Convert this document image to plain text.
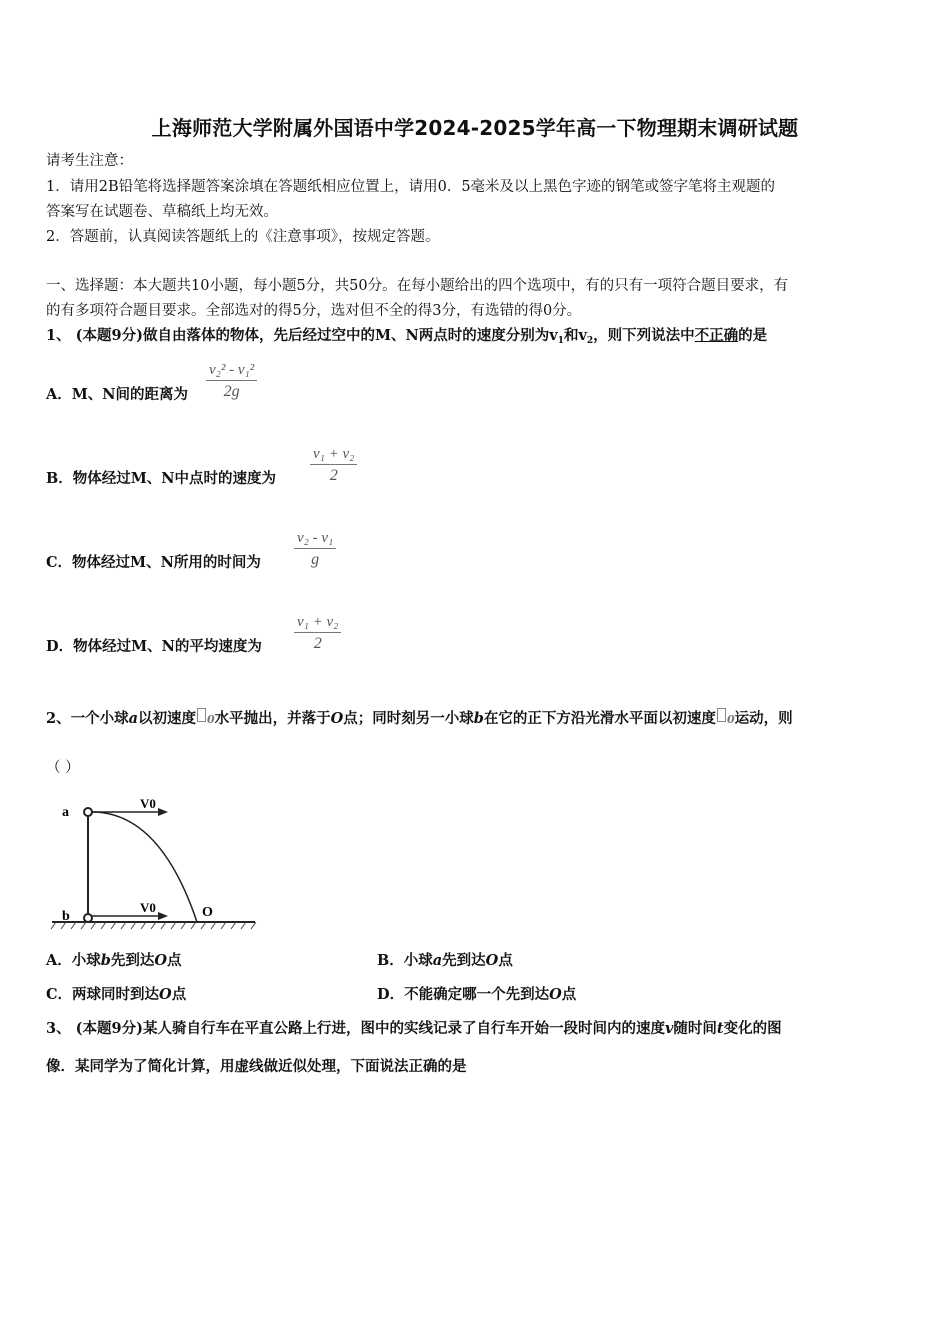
上海师范大学附属外国语中学2024-2025学年高一下物理期末调研试题
请考生注意：
1．请用2B铅笔将选择题答案涂填在答题纸相应位置上，请用0．5毫米及以上黑色字迹的钢笔或签字笔将主观题的
答案写在试题卷、草稿纸上均无效。
2．答题前，认真阅读答题纸上的《注意事项》，按规定答题。
一、选择题：本大题共10小题，每小题5分，共50分。在每小题给出的四个选项中，有的只有一项符合题目要求，有
的有多项符合题目要求。全部选对的得5分，选对但不全的得3分，有选错的得0分。
1、 (本题9分)做自由落体的物体，先后经过空中的M、N两点时的速度分别为$v_1$和$v_2$，则下列说法中不正确的是
A．M、N间的距离为 $\frac{\text{v₂² - v₁²}}{2g}$
B．物体经过M、N中点时的速度为 $\frac{\text{v₁ + v₂}}{2}$
C．物体经过M、N所用的时间为 $\frac{\text{v₂ - v₁}}{g}$
D．物体经过M、N的平均速度为 $\frac{\text{v₁ + v₂}}{2}$
2、一个小球a以初速度 0水平抛出，并落于O点；同时刻另一小球b在它的正下方沿光滑水平面以初速度 0运动，则
（ ）
a
b
V0
V0	O
A．小球b先到达O点	B．小球a先到达O点
C．两球同时到达O点	D．不能确定哪一个先到达O点
3、 (本题9分)某人骑自行车在平直公路上行进，图中的实线记录了自行车开始一段时间内的速度v随时间t变化的图
像．某同学为了简化计算，用虚线做近似处理，下面说法正确的是
